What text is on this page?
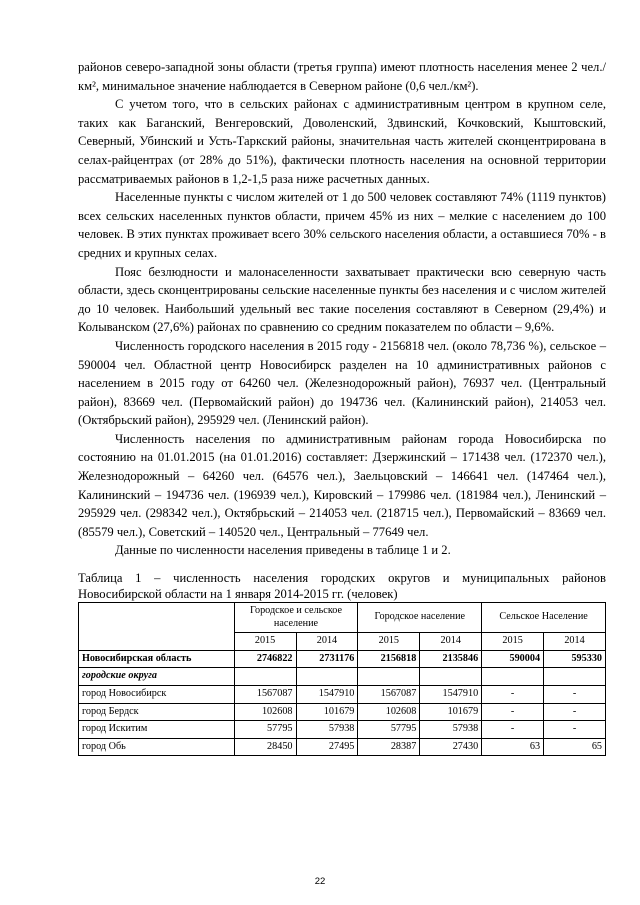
районов северо-западной зоны области (третья группа) имеют плотность населения менее 2 чел./км², минимальное значение наблюдается в Северном районе (0,6 чел./км²).

С учетом того, что в сельских районах с административным центром в крупном селе, таких как Баганский, Венгеровский, Доволенский, Здвинский, Кочковский, Кыштовский, Северный, Убинский и Усть-Таркский районы, значительная часть жителей сконцентрирована в селах-райцентрах (от 28% до 51%), фактически плотность населения на основной территории рассматриваемых районов в 1,2-1,5 раза ниже расчетных данных.

Населенные пункты с числом жителей от 1 до 500 человек составляют 74% (1119 пунктов) всех сельских населенных пунктов области, причем 45% из них – мелкие с населением до 100 человек. В этих пунктах проживает всего 30% сельского населения области, а оставшиеся 70% - в средних и крупных селах.

Пояс безлюдности и малонаселенности захватывает практически всю северную часть области, здесь сконцентрированы сельские населенные пункты без населения и с числом жителей до 10 человек. Наибольший удельный вес такие поселения составляют в Северном (29,4%) и Колыванском (27,6%) районах по сравнению со средним показателем по области – 9,6%.

Численность городского населения в 2015 году - 2156818 чел. (около 78,736 %), сельское – 590004 чел. Областной центр Новосибирск разделен на 10 административных районов с населением в 2015 году от 64260 чел. (Железнодорожный район), 76937 чел. (Центральный район), 83669 чел. (Первомайский район) до 194736 чел. (Калининский район), 214053 чел. (Октябрьский район), 295929 чел. (Ленинский район).

Численность населения по административным районам города Новосибирска по состоянию на 01.01.2015 (на 01.01.2016) составляет: Дзержинский – 171438 чел. (172370 чел.), Железнодорожный – 64260 чел. (64576 чел.), Заельцовский – 146641 чел. (147464 чел.), Калининский – 194736 чел. (196939 чел.), Кировский – 179986 чел. (181984 чел.), Ленинский – 295929 чел. (298342 чел.), Октябрьский – 214053 чел. (218715 чел.), Первомайский – 83669 чел. (85579 чел.), Советский – 140520 чел., Центральный – 77649 чел.

Данные по численности населения приведены в таблице 1 и 2.

Таблица 1 – численность населения городских округов и муниципальных районов Новосибирской области на 1 января 2014-2015 гг. (человек)

	Городское и сельское население		Городское население		Сельское Население	
	2015	2014	2015	2014	2015	2014
Новосибирская область	2746822	2731176	2156818	2135846	590004	595330
городские округа						
город Новосибирск	1567087	1547910	1567087	1547910	-	-
город Бердск	102608	101679	102608	101679	-	-
город Искитим	57795	57938	57795	57938	-	-
город Обь	28450	27495	28387	27430	63	65
22
